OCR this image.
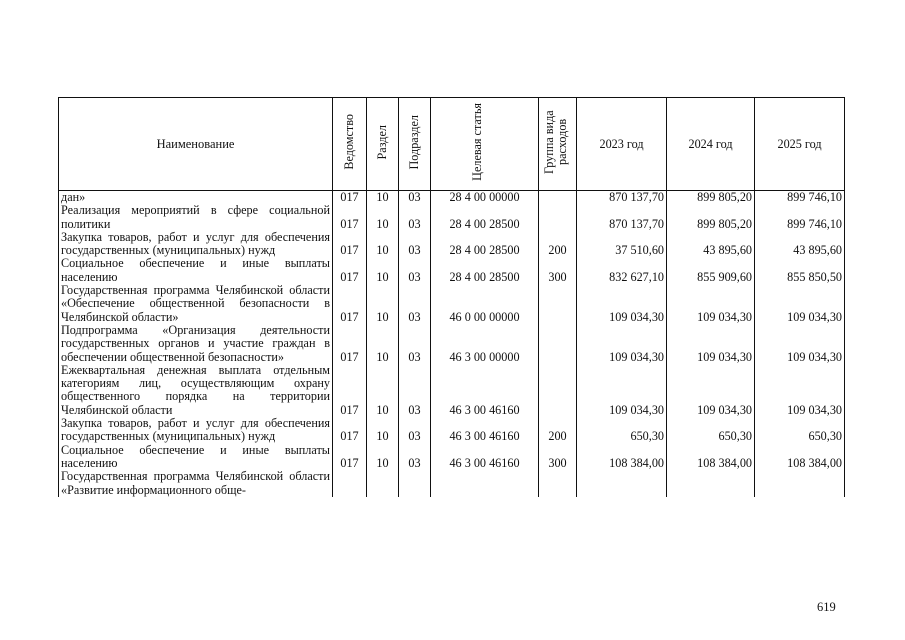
Наименование	Ведомство	Раздел	Подраздел	Целевая статья	Группа вида расходов	2023 год	2024 год	2025 год
дан»	017	10	03	28 4 00 00000		870 137,70	899 805,20	899 746,10
Реализация мероприятий в сфере социальной политики	017	10	03	28 4 00 28500		870 137,70	899 805,20	899 746,10
Закупка товаров, работ и услуг для обеспечения государственных (муниципальных) нужд	017	10	03	28 4 00 28500	200	37 510,60	43 895,60	43 895,60
Социальное обеспечение и иные выплаты населению	017	10	03	28 4 00 28500	300	832 627,10	855 909,60	855 850,50
Государственная программа Челябинской области «Обеспечение общественной безопасности в Челябинской области»	017	10	03	46 0 00 00000		109 034,30	109 034,30	109 034,30
Подпрограмма «Организация деятельности государственных органов и участие граждан в обеспечении общественной безопасности»	017	10	03	46 3 00 00000		109 034,30	109 034,30	109 034,30
Ежеквартальная денежная выплата отдельным категориям лиц, осуществляющим охрану общественного порядка на территории Челябинской области	017	10	03	46 3 00 46160		109 034,30	109 034,30	109 034,30
Закупка товаров, работ и услуг для обеспечения государственных (муниципальных) нужд	017	10	03	46 3 00 46160	200	650,30	650,30	650,30
Социальное обеспечение и иные выплаты населению	017	10	03	46 3 00 46160	300	108 384,00	108 384,00	108 384,00
Государственная программа Челябинской области «Развитие информационного обще-								
619
